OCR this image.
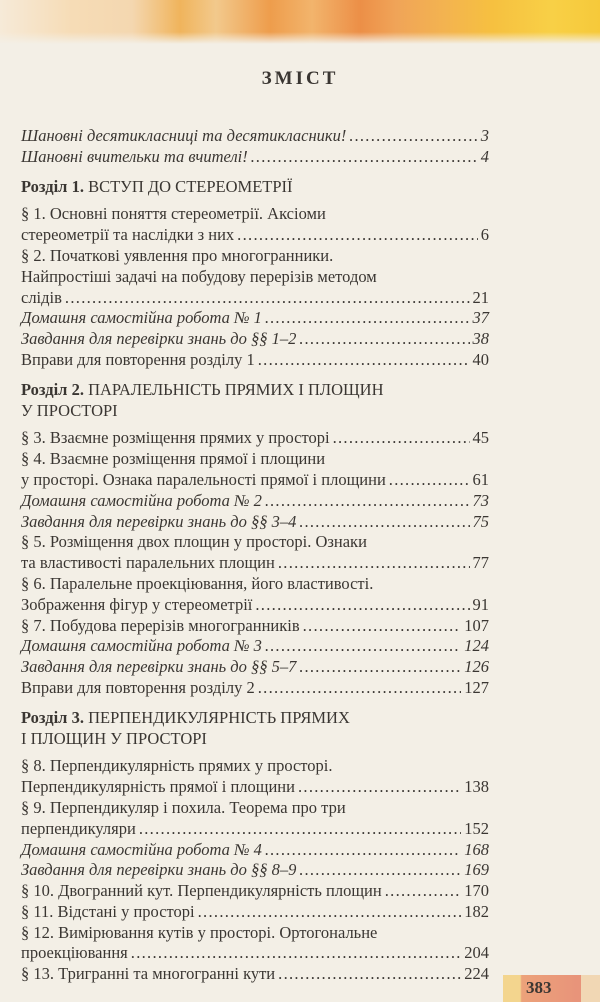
ЗМІСТ
Шановні десятикласниці та десятикласники! .....	3
Шановні вчительки та вчителі! .....	4
Розділ 1. ВСТУП ДО СТЕРЕОМЕТРІЇ
§ 1. Основні поняття стереометрії. Аксіоми
стереометрії та наслідки з них .....	6
§ 2. Початкові уявлення про многогранники.
Найпростіші задачі на побудову перерізів методом
слідів .....	21
Домашня самостійна робота № 1 .....	37
Завдання для перевірки знань до §§ 1–2 .....	38
Вправи для повторення розділу 1 .....	40
Розділ 2. ПАРАЛЕЛЬНІСТЬ ПРЯМИХ І ПЛОЩИН
У ПРОСТОРІ
§ 3. Взаємне розміщення прямих у просторі .....	45
§ 4. Взаємне розміщення прямої і площини
у просторі. Ознака паралельності прямої і площини .....	61
Домашня самостійна робота № 2 .....	73
Завдання для перевірки знань до §§ 3–4 .....	75
§ 5. Розміщення двох площин у просторі. Ознаки
та властивості паралельних площин .....	77
§ 6. Паралельне проекціювання, його властивості.
Зображення фігур у стереометрії .....	91
§ 7. Побудова перерізів многогранників .....	107
Домашня самостійна робота № 3 .....	124
Завдання для перевірки знань до §§ 5–7 .....	126
Вправи для повторення розділу 2 .....	127
Розділ 3. ПЕРПЕНДИКУЛЯРНІСТЬ ПРЯМИХ
І ПЛОЩИН У ПРОСТОРІ
§ 8. Перпендикулярність прямих у просторі.
Перпендикулярність прямої і площини .....	138
§ 9. Перпендикуляр і похила. Теорема про три
перпендикуляри .....	152
Домашня самостійна робота № 4 .....	168
Завдання для перевірки знань до §§ 8–9 .....	169
§ 10. Двогранний кут. Перпендикулярність площин .....	170
§ 11. Відстані у просторі .....	182
§ 12. Вимірювання кутів у просторі. Ортогональне
проекціювання .....	204
§ 13. Тригранні та многогранні кути .....	224
383
